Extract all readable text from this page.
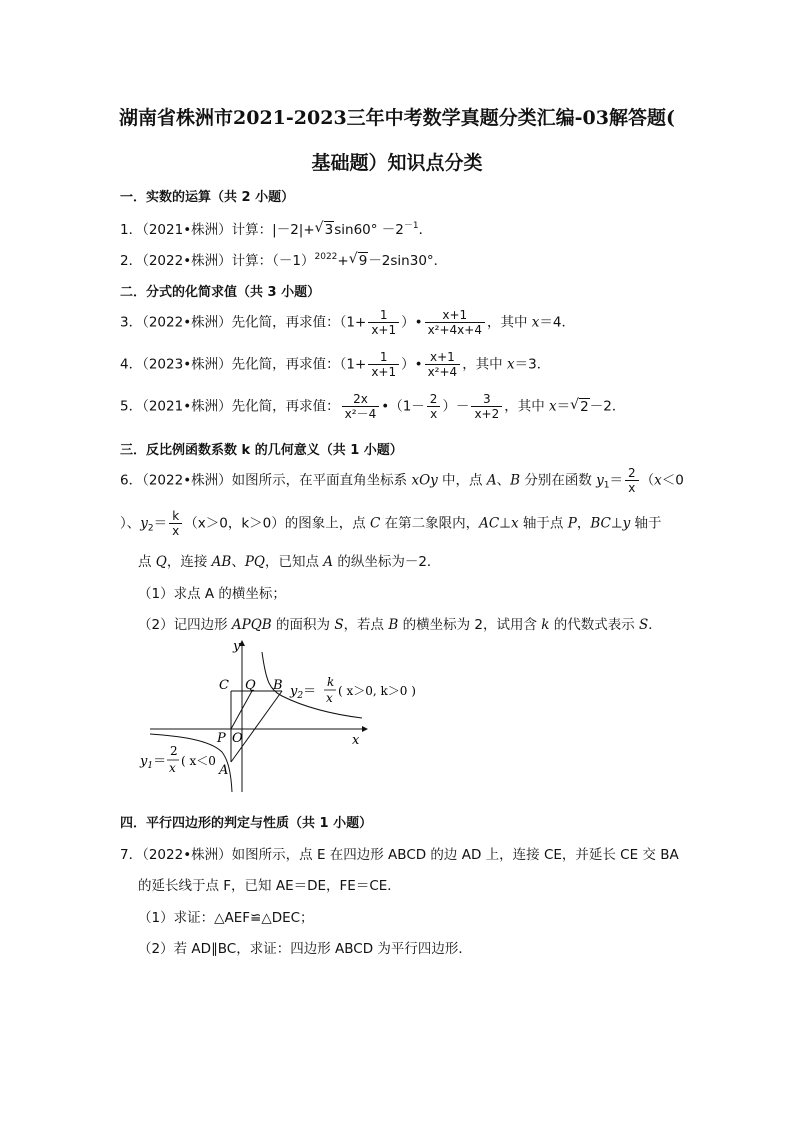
湖南省株洲市2021-2023三年中考数学真题分类汇编-03解答题(
基础题）知识点分类
一．实数的运算（共 2 小题）
1．（2021•株洲）计算：|－2|+ √ $3\sin 60^\circ -2^{-1}$．
2．（2022•株洲）计算：$(-1)^{2022}+$ √ 9－2sin30°．
二．分式的化简求值（共 3 小题）
3．（2022•株洲）先化简，再求值：（$1+ \frac{1}{x+1}$ ）• $\frac{x+1}{\text{x²+4x+4}}$ ，其中 x＝4．
4．（2023•株洲）先化简，再求值：（$1+ \frac{1}{x+1}$ ）• $\frac{x+1}{\text{x²+4}}$ ，其中 x＝3．
5．（2021•株洲）先化简，再求值： $\frac{2x}{\text{x²－4}}$ •（1－ $\frac{2}{x}$ ）－ $\frac{3}{x+2}$ ，其中 x＝ √ 2－2．
三．反比例函数系数 k 的几何意义（共 1 小题）
6．（2022•株洲）如图所示，在平面直角坐标系 xOy 中，点 A、B 分别在函数 $y_1= \frac{2}{x} (x<0$
）、$y_2= \frac{k}{x} (x>0$，k＞0）的图象上，点 C 在第二象限内，AC⊥x 轴于点 P，BC⊥y 轴于
点 Q，连接 AB、PQ，已知点 A 的纵坐标为－2．
（1）求点 A 的横坐标；
（2）记四边形 APQB 的面积为 S，若点 B 的横坐标为 2，试用含 k 的代数式表示 S．
y
x
C Q B
P O
A
$y_2=$
k
x ( x＞0, k＞0 )
$y_1=$
2
x ( x＜0
四．平行四边形的判定与性质（共 1 小题）
7．（2022•株洲）如图所示，点 E 在四边形 ABCD 的边 AD 上，连接 CE，并延长 CE 交 BA
的延长线于点 F，已知 AE＝DE，FE＝CE．
（1）求证：△AEF≌△DEC；
（2）若 AD∥BC，求证：四边形 ABCD 为平行四边形．
